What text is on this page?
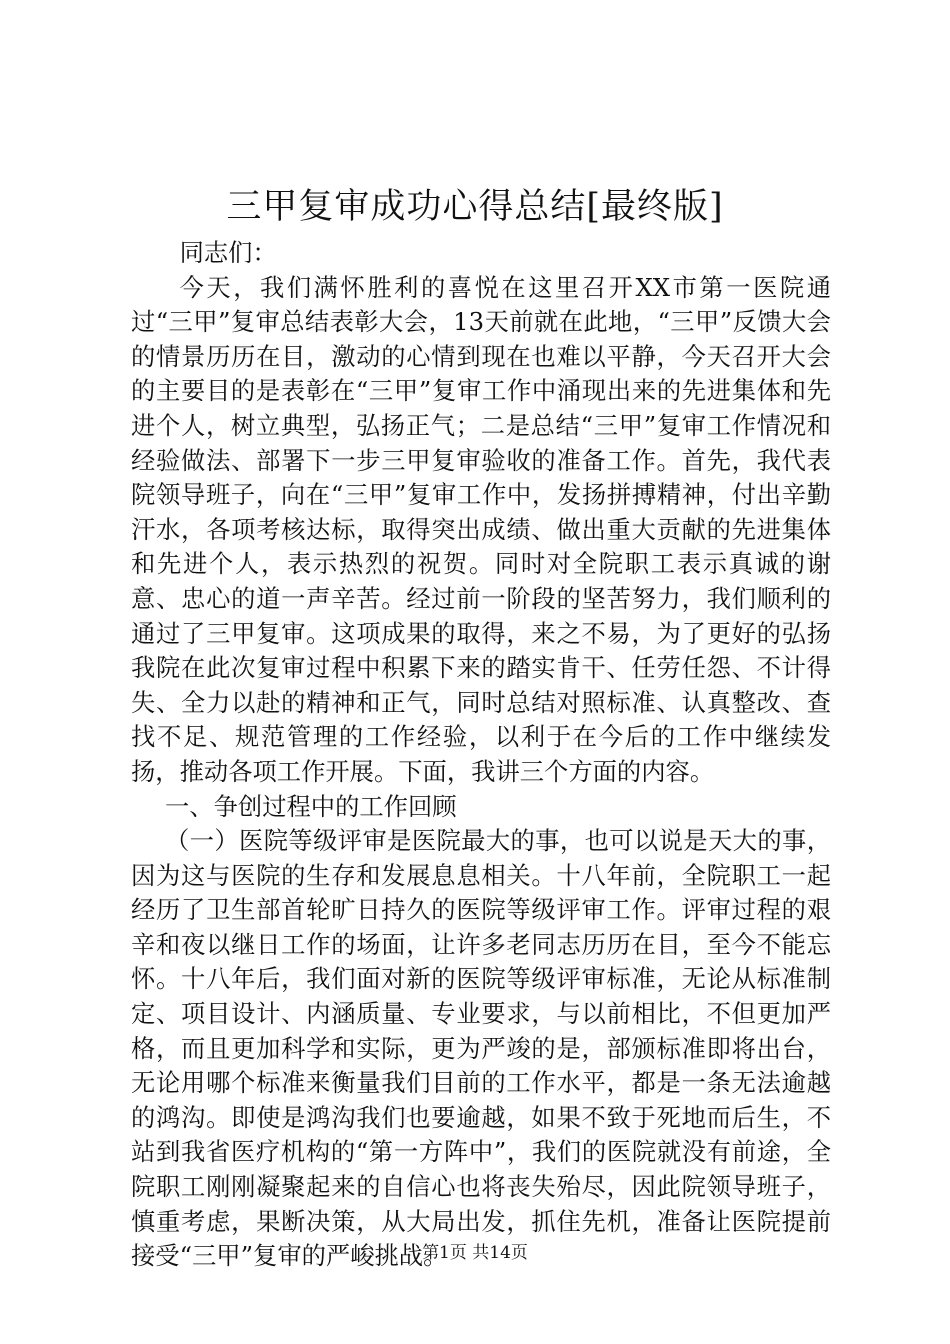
三甲复审成功心得总结[最终版]

同志们：

今天，我们满怀胜利的喜悦在这里召开XX市第一医院通过“三甲”复审总结表彰大会，13天前就在此地，“三甲”反馈大会的情景历历在目，激动的心情到现在也难以平静，今天召开大会的主要目的是表彰在“三甲”复审工作中涌现出来的先进集体和先进个人，树立典型，弘扬正气；二是总结“三甲”复审工作情况和经验做法、部署下一步三甲复审验收的准备工作。首先，我代表院领导班子，向在“三甲”复审工作中，发扬拼搏精神，付出辛勤汗水，各项考核达标，取得突出成绩、做出重大贡献的先进集体和先进个人，表示热烈的祝贺。同时对全院职工表示真诚的谢意、忠心的道一声辛苦。经过前一阶段的坚苦努力，我们顺利的通过了三甲复审。这项成果的取得，来之不易，为了更好的弘扬我院在此次复审过程中积累下来的踏实肯干、任劳任怨、不计得失、全力以赴的精神和正气，同时总结对照标准、认真整改、查找不足、规范管理的工作经验，以利于在今后的工作中继续发扬，推动各项工作开展。下面，我讲三个方面的内容。

一、争创过程中的工作回顾

（一）医院等级评审是医院最大的事，也可以说是天大的事，因为这与医院的生存和发展息息相关。十八年前，全院职工一起经历了卫生部首轮旷日持久的医院等级评审工作。评审过程的艰辛和夜以继日工作的场面，让许多老同志历历在目，至今不能忘怀。十八年后，我们面对新的医院等级评审标准，无论从标准制定、项目设计、内涵质量、专业要求，与以前相比，不但更加严格，而且更加科学和实际，更为严竣的是，部颁标准即将出台，无论用哪个标准来衡量我们目前的工作水平，都是一条无法逾越的鸿沟。即使是鸿沟我们也要逾越，如果不致于死地而后生，不站到我省医疗机构的“第一方阵中”，我们的医院就没有前途，全院职工刚刚凝聚起来的自信心也将丧失殆尽，因此院领导班子，慎重考虑，果断决策，从大局出发，抓住先机，准备让医院提前接受“三甲”复审的严峻挑战。

第1页 共14页
